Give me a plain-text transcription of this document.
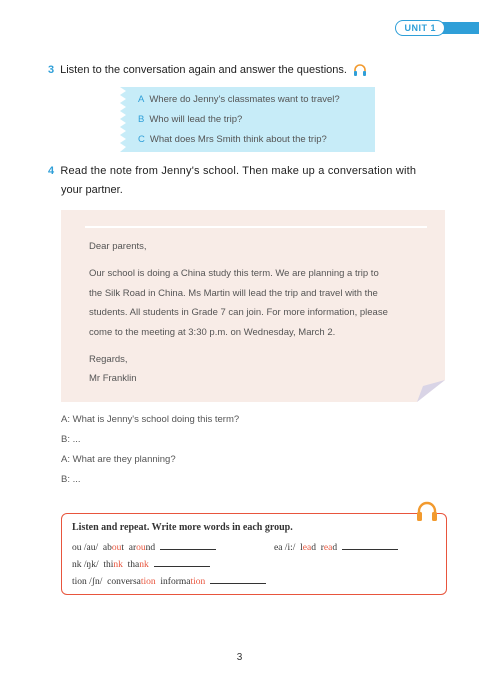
UNIT 1
3 Listen to the conversation again and answer the questions.
A Where do Jenny's classmates want to travel?
B Who will lead the trip?
C What does Mrs Smith think about the trip?
4 Read the note from Jenny's school. Then make up a conversation with
your partner.
Dear parents,
Our school is doing a China study this term. We are planning a trip to
the Silk Road in China. Ms Martin will lead the trip and travel with the
students. All students in Grade 7 can join. For more information, please
come to the meeting at 3:30 p.m. on Wednesday, March 2.
Regards,
Mr Franklin
A: What is Jenny's school doing this term?
B: ...
A: What are they planning?
B: ...
Listen and repeat. Write more words in each group.
ou /au/ about around	ea /i:/ lead read
nk /ŋk/ think thank
tion /ʃn/ conversation information
3
